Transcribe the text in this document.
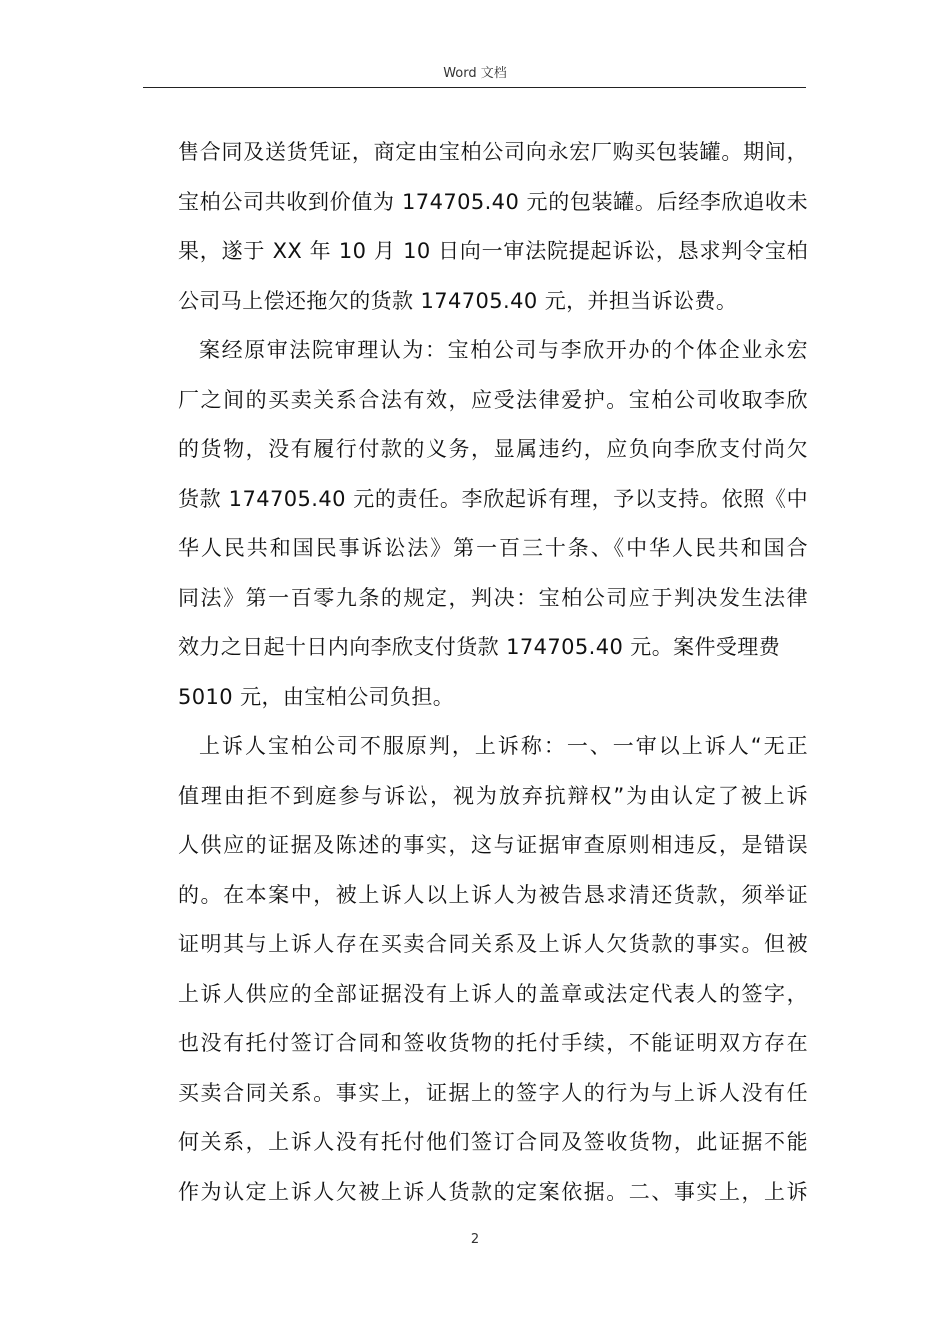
Word 文档
售合同及送货凭证，商定由宝柏公司向永宏厂购买包装罐。期间，
宝柏公司共收到价值为 174705.40 元的包装罐。后经李欣追收未
果，遂于 XX 年 10 月 10 日向一审法院提起诉讼，恳求判令宝柏
公司马上偿还拖欠的货款 174705.40 元，并担当诉讼费。
案经原审法院审理认为：宝柏公司与李欣开办的个体企业永宏
厂之间的买卖关系合法有效，应受法律爱护。宝柏公司收取李欣
的货物，没有履行付款的义务，显属违约，应负向李欣支付尚欠
货款 174705.40 元的责任。李欣起诉有理，予以支持。依照《中
华人民共和国民事诉讼法》第一百三十条、《中华人民共和国合
同法》第一百零九条的规定，判决：宝柏公司应于判决发生法律
效力之日起十日内向李欣支付货款 174705.40 元。案件受理费
5010 元，由宝柏公司负担。
上诉人宝柏公司不服原判，上诉称：一、一审以上诉人“无正
值理由拒不到庭参与诉讼，视为放弃抗辩权”为由认定了被上诉
人供应的证据及陈述的事实，这与证据审查原则相违反，是错误
的。在本案中，被上诉人以上诉人为被告恳求清还货款，须举证
证明其与上诉人存在买卖合同关系及上诉人欠货款的事实。但被
上诉人供应的全部证据没有上诉人的盖章或法定代表人的签字，
也没有托付签订合同和签收货物的托付手续，不能证明双方存在
买卖合同关系。事实上，证据上的签字人的行为与上诉人没有任
何关系，上诉人没有托付他们签订合同及签收货物，此证据不能
作为认定上诉人欠被上诉人货款的定案依据。二、事实上，上诉
2
